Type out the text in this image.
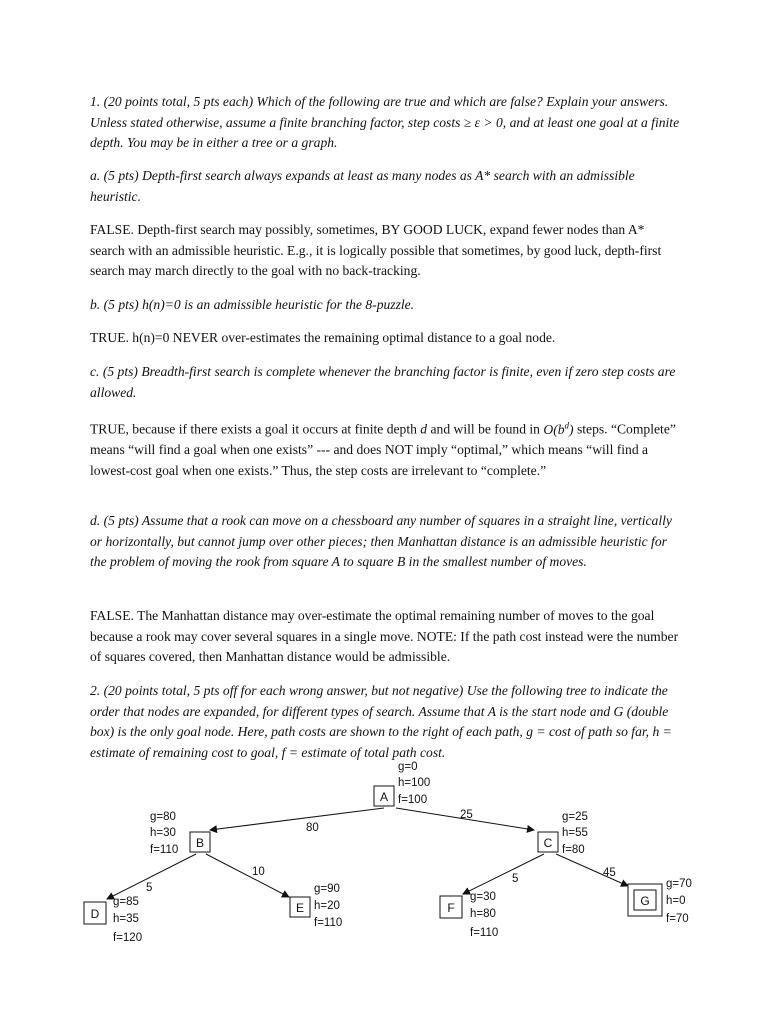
1. (20 points total, 5 pts each) Which of the following are true and which are false? Explain your answers. Unless stated otherwise, assume a finite branching factor, step costs ≥ ε > 0, and at least one goal at a finite depth. You may be in either a tree or a graph.

a. (5 pts) Depth-first search always expands at least as many nodes as A* search with an admissible heuristic.

FALSE. Depth-first search may possibly, sometimes, BY GOOD LUCK, expand fewer nodes than A* search with an admissible heuristic. E.g., it is logically possible that sometimes, by good luck, depth-first search may march directly to the goal with no back-tracking.

b. (5 pts) h(n)=0 is an admissible heuristic for the 8-puzzle.

TRUE. h(n)=0 NEVER over-estimates the remaining optimal distance to a goal node.

c. (5 pts) Breadth-first search is complete whenever the branching factor is finite, even if zero step costs are allowed.

TRUE, because if there exists a goal it occurs at finite depth d and will be found in $O(b^d)$ steps. “Complete” means “will find a goal when one exists” --- and does NOT imply “optimal,” which means “will find a lowest-cost goal when one exists.” Thus, the step costs are irrelevant to “complete.”

d. (5 pts) Assume that a rook can move on a chessboard any number of squares in a straight line, vertically or horizontally, but cannot jump over other pieces; then Manhattan distance is an admissible heuristic for the problem of moving the rook from square A to square B in the smallest number of moves.

FALSE. The Manhattan distance may over-estimate the optimal remaining number of moves to the goal because a rook may cover several squares in a single move. NOTE: If the path cost instead were the number of squares covered, then Manhattan distance would be admissible.

2. (20 points total, 5 pts off for each wrong answer, but not negative) Use the following tree to indicate the order that nodes are expanded, for different types of search. Assume that A is the start node and G (double box) is the only goal node. Here, path costs are shown to the right of each path, g = cost of path so far, h = estimate of remaining cost to goal, f = estimate of total path cost.

80
25
5
10
5	45
A
g=0
h=100
f=100
B
g=80
h=30
f=110	C
g=25
h=55
f=80
D
g=85
h=35
f=120
E
g=90
h=20
f=110
F
g=30
h=80
f=110
G
g=70
h=0
f=70
